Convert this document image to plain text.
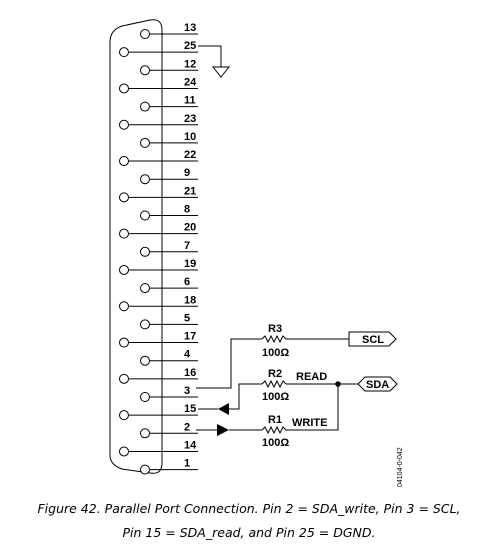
13
25
12
24
11
23
10
22
9
21
8
20
7
19
6
18
5
17
4
16
3
15
2
14
1
R3
100Ω
SCL
R2
100Ω
READ
SDA
R1
100Ω
WRITE
04104-0-042
Figure 42. Parallel Port Connection. Pin 2 = SDA_write, Pin 3 = SCL,
Pin 15 = SDA_read, and Pin 25 = DGND.
